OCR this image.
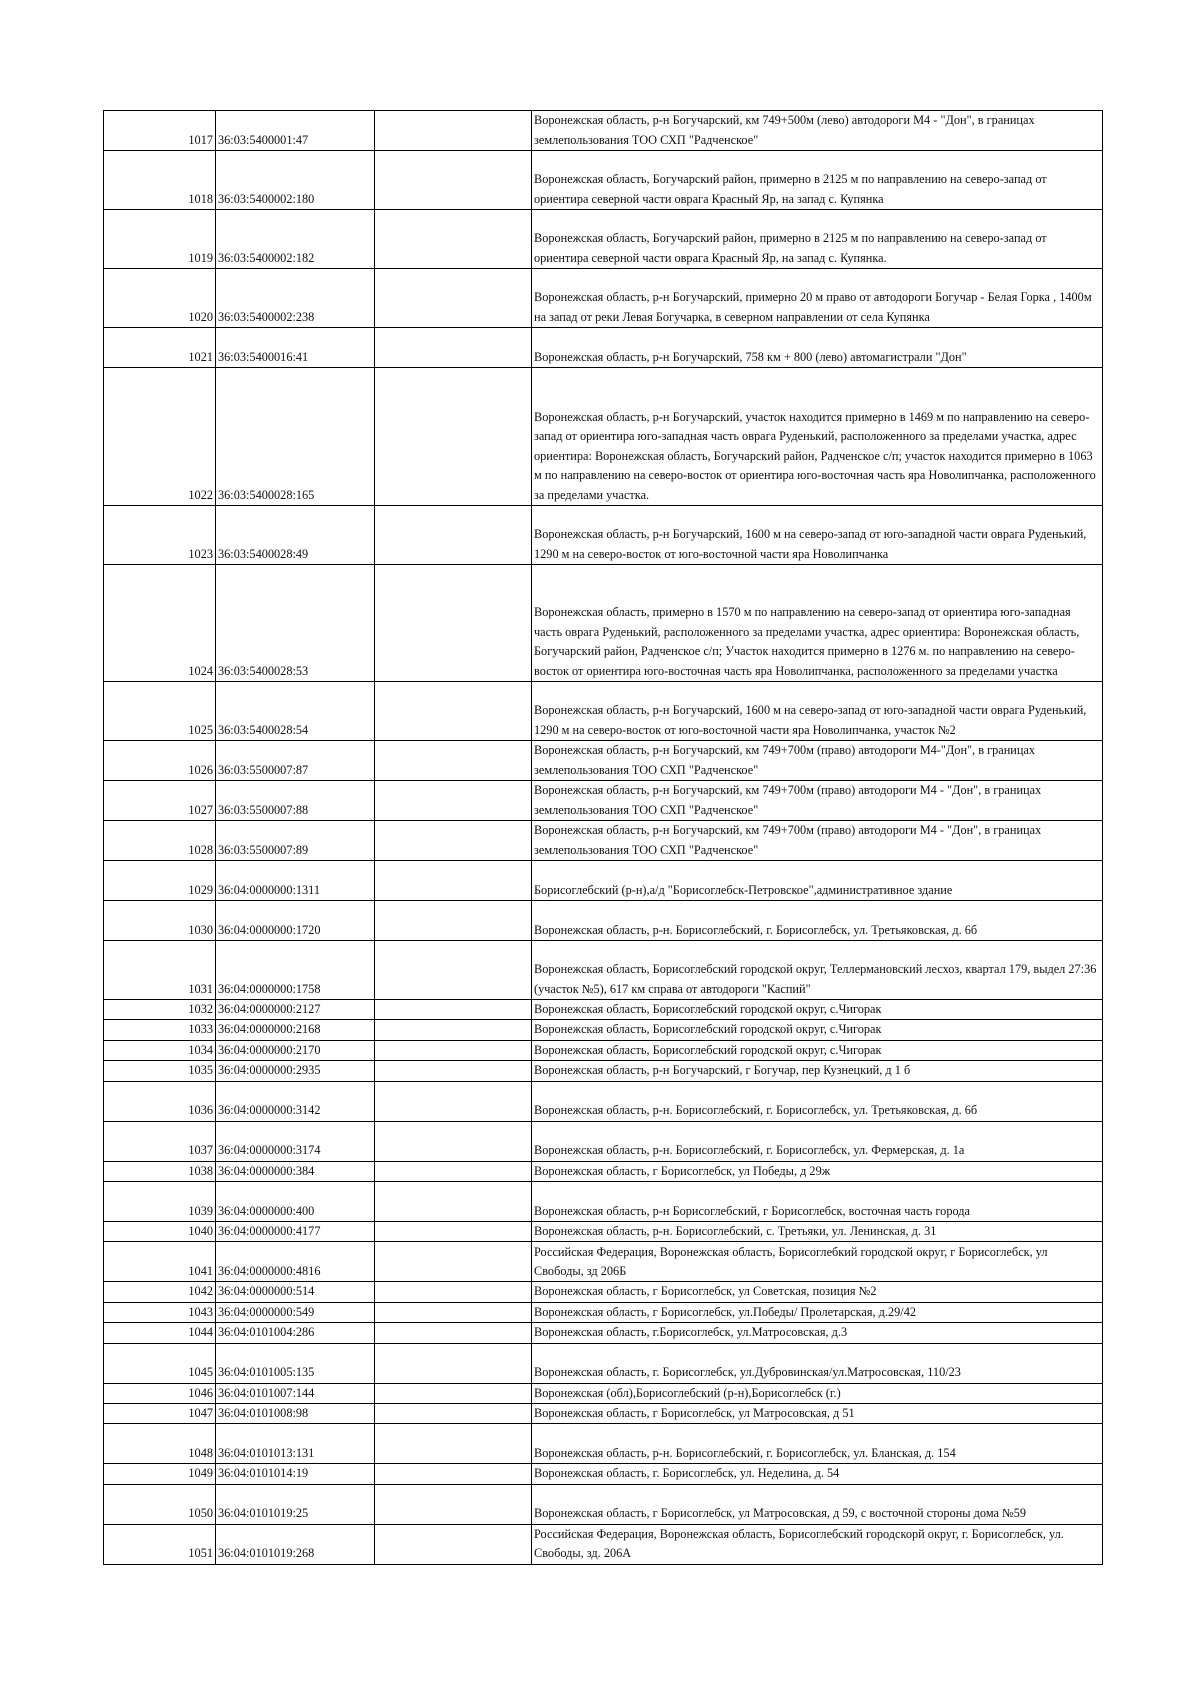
1017	36:03:5400001:47		Воронежская область, р-н Богучарский, км 749+500м (лево) автодороги М4 - "Дон", в границах землепользования ТОО СХП "Радченское"
1018	36:03:5400002:180		Воронежская область, Богучарский район, примерно в 2125 м по направлению на северо-запад от ориентира северной части оврага Красный Яр, на запад с. Купянка
1019	36:03:5400002:182		Воронежская область, Богучарский район, примерно в 2125 м по направлению на северо-запад от ориентира северной части оврага Красный Яр, на запад с. Купянка.
1020	36:03:5400002:238		Воронежская область, р-н Богучарский, примерно 20 м право от автодороги Богучар - Белая Горка , 1400м на запад от реки Левая Богучарка, в северном направлении от села Купянка
1021	36:03:5400016:41		Воронежская область, р-н Богучарский, 758 км + 800 (лево) автомагистрали "Дон"
1022	36:03:5400028:165		Воронежская область, р-н Богучарский, участок находится примерно в 1469 м по направлению на северо-запад от ориентира юго-западная часть оврага Руденький, расположенного за пределами участка, адрес ориентира: Воронежская область, Богучарский район, Радченское с/п; участок находится примерно в 1063 м по направлению на северо-восток от ориентира юго-восточная часть яра Новолипчанка, расположенного за пределами участка.
1023	36:03:5400028:49		Воронежская область, р-н Богучарский, 1600 м на северо-запад от юго-западной части оврага Руденький, 1290 м на северо-восток от юго-восточной части яра Новолипчанка
1024	36:03:5400028:53		Воронежская область, примерно в 1570 м по направлению на северо-запад от ориентира юго-западная часть оврага Руденький, расположенного за пределами участка, адрес ориентира: Воронежская область, Богучарский район, Радченское с/п; Участок находится примерно в 1276 м. по направлению на северо-восток от ориентира юго-восточная часть яра Новолипчанка, расположенного за пределами участка
1025	36:03:5400028:54		Воронежская область, р-н Богучарский, 1600 м на северо-запад от юго-западной части оврага Руденький, 1290 м на северо-восток от юго-восточной части яра Новолипчанка, участок №2
1026	36:03:5500007:87		Воронежская область, р-н Богучарский, км 749+700м (право) автодороги М4-"Дон", в границах землепользования ТОО СХП "Радченское"
1027	36:03:5500007:88		Воронежская область, р-н Богучарский, км 749+700м (право) автодороги М4 - "Дон", в границах землепользования ТОО СХП "Радченское"
1028	36:03:5500007:89		Воронежская область, р-н Богучарский, км 749+700м (право) автодороги М4 - "Дон", в границах землепользования ТОО СХП "Радченское"
1029	36:04:0000000:1311		Борисоглебский (р-н),а/д "Борисоглебск-Петровское",административное здание
1030	36:04:0000000:1720		Воронежская область, р-н. Борисоглебский, г. Борисоглебск, ул. Третьяковская, д. 6б
1031	36:04:0000000:1758		Воронежская область, Борисоглебский городской округ, Теллермановский лесхоз, квартал 179, выдел 27:36 (участок №5), 617 км справа от автодороги "Каспий"
1032	36:04:0000000:2127		Воронежская область, Борисоглебский городской округ, с.Чигорак
1033	36:04:0000000:2168		Воронежская область, Борисоглебский городской округ, с.Чигорак
1034	36:04:0000000:2170		Воронежская область, Борисоглебский городской округ, с.Чигорак
1035	36:04:0000000:2935		Воронежская область, р-н Богучарский, г Богучар, пер Кузнецкий, д 1 б
1036	36:04:0000000:3142		Воронежская область, р-н. Борисоглебский, г. Борисоглебск, ул. Третьяковская, д. 6б
1037	36:04:0000000:3174		Воронежская область, р-н. Борисоглебский, г. Борисоглебск, ул. Фермерская, д. 1а
1038	36:04:0000000:384		Воронежская область, г Борисоглебск, ул Победы, д 29ж
1039	36:04:0000000:400		Воронежская область, р-н Борисоглебский, г Борисоглебск, восточная часть города
1040	36:04:0000000:4177		Воронежская область, р-н. Борисоглебский, с. Третьяки, ул. Ленинская, д. 31
1041	36:04:0000000:4816		Российская Федерация, Воронежская область, Борисоглебкий городской округ, г Борисоглебск, ул Свободы, зд 206Б
1042	36:04:0000000:514		Воронежская область, г Борисоглебск, ул Советская, позиция №2
1043	36:04:0000000:549		Воронежская область, г Борисоглебск, ул.Победы/ Пролетарская, д.29/42
1044	36:04:0101004:286		Воронежская область, г.Борисоглебск, ул.Матросовская, д.3
1045	36:04:0101005:135		Воронежская область, г. Борисоглебск, ул.Дубровинская/ул.Матросовская, 110/23
1046	36:04:0101007:144		Воронежская (обл),Борисоглебский (р-н),Борисоглебск (г.)
1047	36:04:0101008:98		Воронежская область, г Борисоглебск, ул Матросовская, д 51
1048	36:04:0101013:131		Воронежская область, р-н. Борисоглебский, г. Борисоглебск, ул. Бланская, д. 154
1049	36:04:0101014:19		Воронежская область, г. Борисоглебск, ул. Неделина, д. 54
1050	36:04:0101019:25		Воронежская область, г Борисоглебск, ул Матросовская, д 59, с восточной стороны дома №59
1051	36:04:0101019:268		Российская Федерация, Воронежская область, Борисоглебский городскорй округ, г. Борисоглебск, ул. Свободы, зд. 206А
